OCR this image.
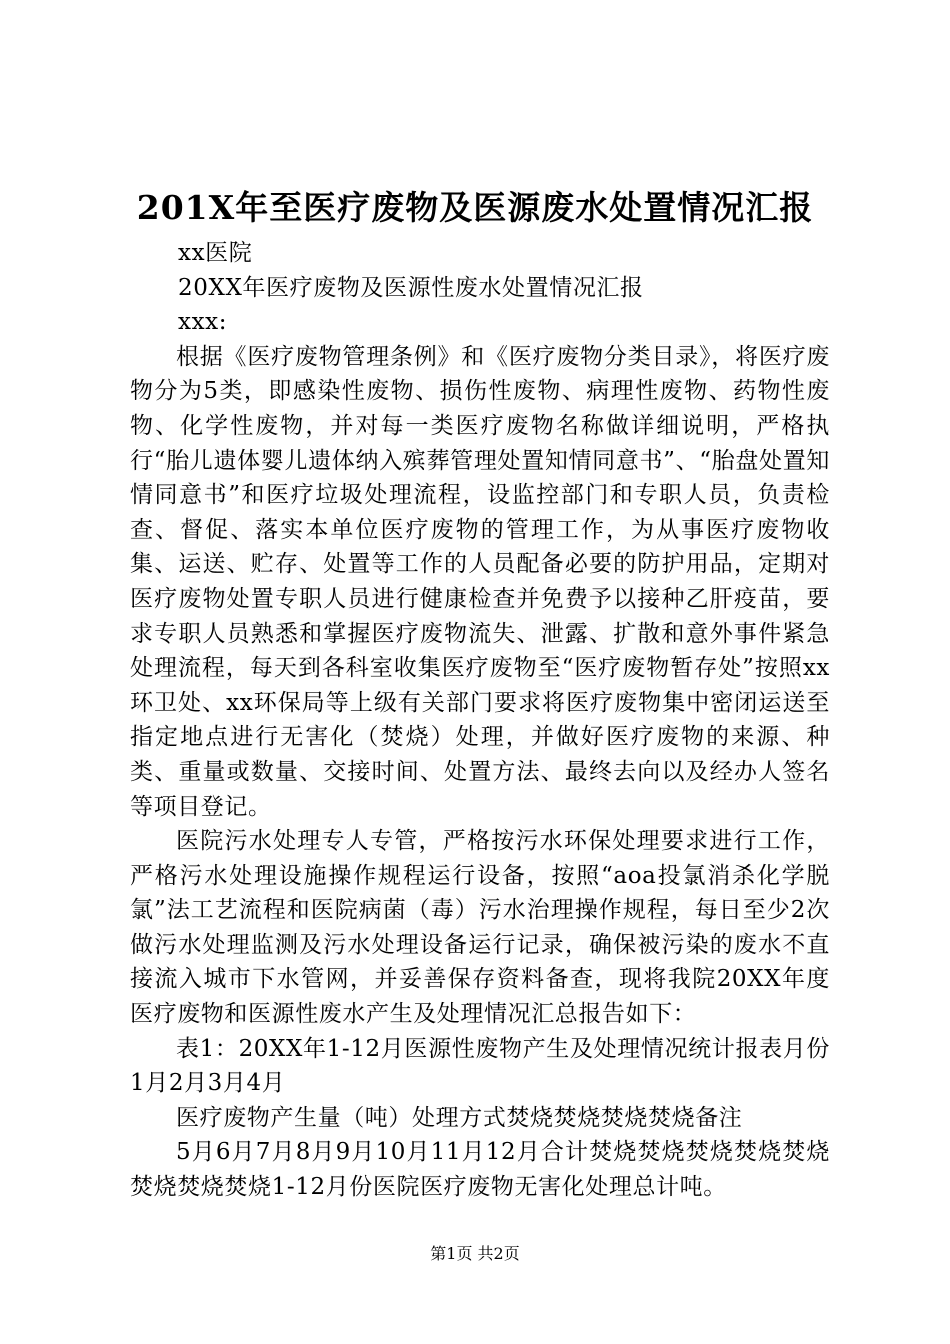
201X年至医疗废物及医源废水处置情况汇报

xx医院

20XX年医疗废物及医源性废水处置情况汇报

xxx:

根据《医疗废物管理条例》和《医疗废物分类目录》，将医疗废物分为5类，即感染性废物、损伤性废物、病理性废物、药物性废物、化学性废物，并对每一类医疗废物名称做详细说明，严格执行“胎儿遗体婴儿遗体纳入殡葬管理处置知情同意书”、“胎盘处置知情同意书”和医疗垃圾处理流程，设监控部门和专职人员，负责检查、督促、落实本单位医疗废物的管理工作，为从事医疗废物收集、运送、贮存、处置等工作的人员配备必要的防护用品，定期对医疗废物处置专职人员进行健康检查并免费予以接种乙肝疫苗，要求专职人员熟悉和掌握医疗废物流失、泄露、扩散和意外事件紧急处理流程，每天到各科室收集医疗废物至“医疗废物暂存处”按照xx环卫处、xx环保局等上级有关部门要求将医疗废物集中密闭运送至指定地点进行无害化（焚烧）处理，并做好医疗废物的来源、种类、重量或数量、交接时间、处置方法、最终去向以及经办人签名等项目登记。

医院污水处理专人专管，严格按污水环保处理要求进行工作，严格污水处理设施操作规程运行设备，按照“aoa投氯消杀化学脱氯”法工艺流程和医院病菌（毒）污水治理操作规程，每日至少2次做污水处理监测及污水处理设备运行记录，确保被污染的废水不直接流入城市下水管网，并妥善保存资料备查，现将我院20XX年度医疗废物和医源性废水产生及处理情况汇总报告如下：

表1：20XX年1-12月医源性废物产生及处理情况统计报表月份1月2月3月4月

医疗废物产生量（吨）处理方式焚烧焚烧焚烧焚烧备注

5月6月7月8月9月10月11月12月合计焚烧焚烧焚烧焚烧焚烧焚烧焚烧焚烧1-12月份医院医疗废物无害化处理总计吨。

第1页 共2页
